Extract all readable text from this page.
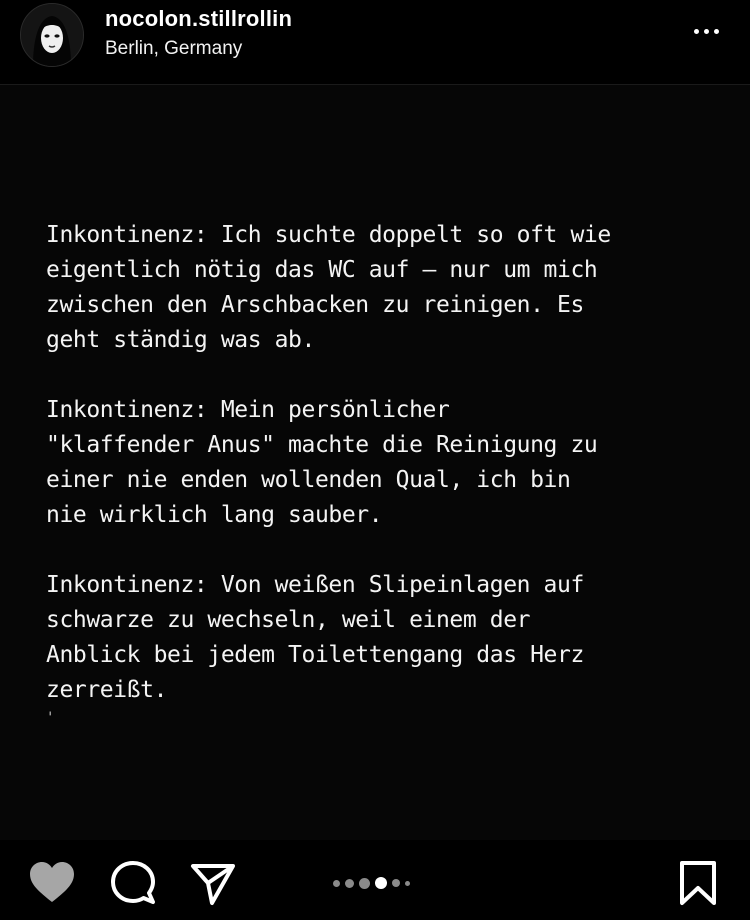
nocolon.stillrollin
Berlin, Germany

Inkontinenz: Ich suchte doppelt so oft wie
eigentlich nötig das WC auf – nur um mich
zwischen den Arschbacken zu reinigen. Es
geht ständig was ab.

Inkontinenz: Mein persönlicher
"klaffender Anus" machte die Reinigung zu
einer nie enden wollenden Qual, ich bin
nie wirklich lang sauber.

Inkontinenz: Von weißen Slipeinlagen auf
schwarze zu wechseln, weil einem der
Anblick bei jedem Toilettengang das Herz
zerreißt.

'
